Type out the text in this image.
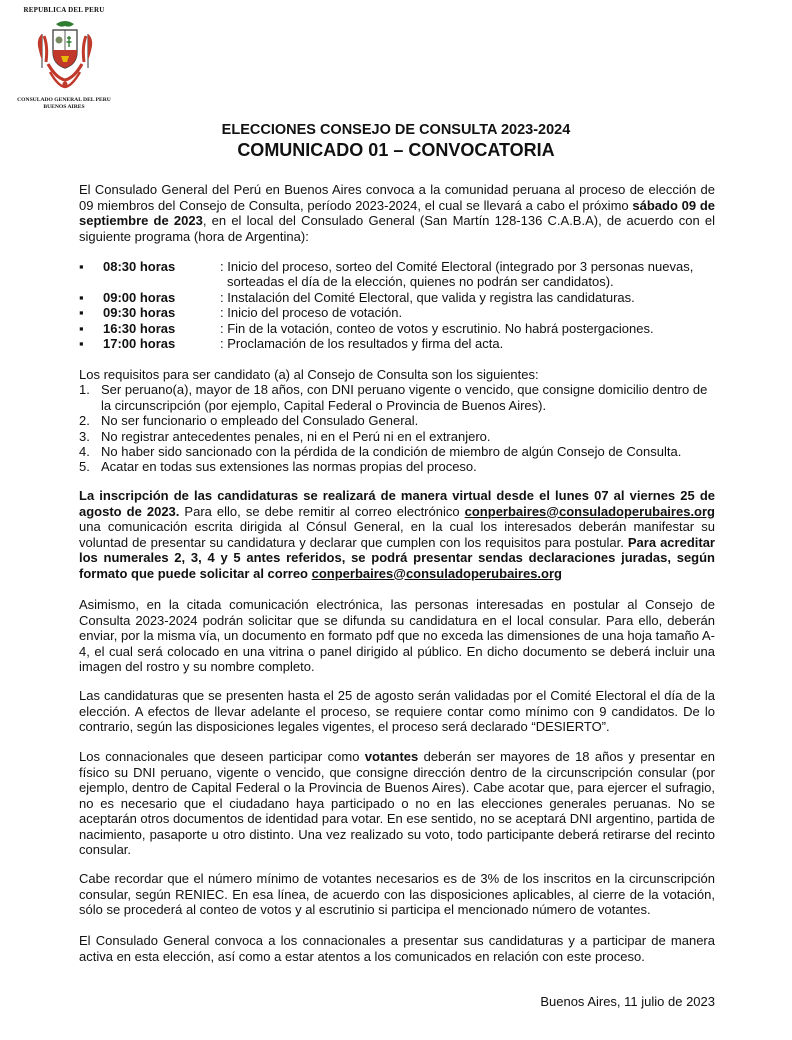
REPUBLICA DEL PERU
CONSULADO GENERAL DEL PERU
BUENOS AIRES
ELECCIONES CONSEJO DE CONSULTA 2023-2024
COMUNICADO 01 – CONVOCATORIA

El Consulado General del Perú en Buenos Aires convoca a la comunidad peruana al proceso de elección de 09 miembros del Consejo de Consulta, período 2023-2024, el cual se llevará a cabo el próximo sábado 09 de septiembre de 2023, en el local del Consulado General (San Martín 128-136 C.A.B.A), de acuerdo con el siguiente programa (hora de Argentina):

▪	08:30 horas	: Inicio del proceso, sorteo del Comité Electoral (integrado por 3 personas nuevas,
sorteadas el día de la elección, quienes no podrán ser candidatos).
▪	09:00 horas	: Instalación del Comité Electoral, que valida y registra las candidaturas.
▪	09:30 horas	: Inicio del proceso de votación.
▪	16:30 horas	: Fin de la votación, conteo de votos y escrutinio. No habrá postergaciones.
▪	17:00 horas	: Proclamación de los resultados y firma del acta.
Los requisitos para ser candidato (a) al Consejo de Consulta son los siguientes:
1. Ser peruano(a), mayor de 18 años, con DNI peruano vigente o vencido, que consigne domicilio dentro de la circunscripción (por ejemplo, Capital Federal o Provincia de Buenos Aires).
2. No ser funcionario o empleado del Consulado General.
3. No registrar antecedentes penales, ni en el Perú ni en el extranjero.
4. No haber sido sancionado con la pérdida de la condición de miembro de algún Consejo de Consulta.
5. Acatar en todas sus extensiones las normas propias del proceso.

La inscripción de las candidaturas se realizará de manera virtual desde el lunes 07 al viernes 25 de agosto de 2023. Para ello, se debe remitir al correo electrónico conperbaires@consuladoperubaires.org una comunicación escrita dirigida al Cónsul General, en la cual los interesados deberán manifestar su voluntad de presentar su candidatura y declarar que cumplen con los requisitos para postular. Para acreditar los numerales 2, 3, 4 y 5 antes referidos, se podrá presentar sendas declaraciones juradas, según formato que puede solicitar al correo conperbaires@consuladoperubaires.org

Asimismo, en la citada comunicación electrónica, las personas interesadas en postular al Consejo de Consulta 2023-2024 podrán solicitar que se difunda su candidatura en el local consular. Para ello, deberán enviar, por la misma vía, un documento en formato pdf que no exceda las dimensiones de una hoja tamaño A-4, el cual será colocado en una vitrina o panel dirigido al público. En dicho documento se deberá incluir una imagen del rostro y su nombre completo.

Las candidaturas que se presenten hasta el 25 de agosto serán validadas por el Comité Electoral el día de la elección. A efectos de llevar adelante el proceso, se requiere contar como mínimo con 9 candidatos. De lo contrario, según las disposiciones legales vigentes, el proceso será declarado “DESIERTO”.

Los connacionales que deseen participar como votantes deberán ser mayores de 18 años y presentar en físico su DNI peruano, vigente o vencido, que consigne dirección dentro de la circunscripción consular (por ejemplo, dentro de Capital Federal o la Provincia de Buenos Aires). Cabe acotar que, para ejercer el sufragio, no es necesario que el ciudadano haya participado o no en las elecciones generales peruanas. No se aceptarán otros documentos de identidad para votar. En ese sentido, no se aceptará DNI argentino, partida de nacimiento, pasaporte u otro distinto. Una vez realizado su voto, todo participante deberá retirarse del recinto consular.

Cabe recordar que el número mínimo de votantes necesarios es de 3% de los inscritos en la circunscripción consular, según RENIEC. En esa línea, de acuerdo con las disposiciones aplicables, al cierre de la votación, sólo se procederá al conteo de votos y al escrutinio si participa el mencionado número de votantes.

El Consulado General convoca a los connacionales a presentar sus candidaturas y a participar de manera activa en esta elección, así como a estar atentos a los comunicados en relación con este proceso.

Buenos Aires, 11 julio de 2023
